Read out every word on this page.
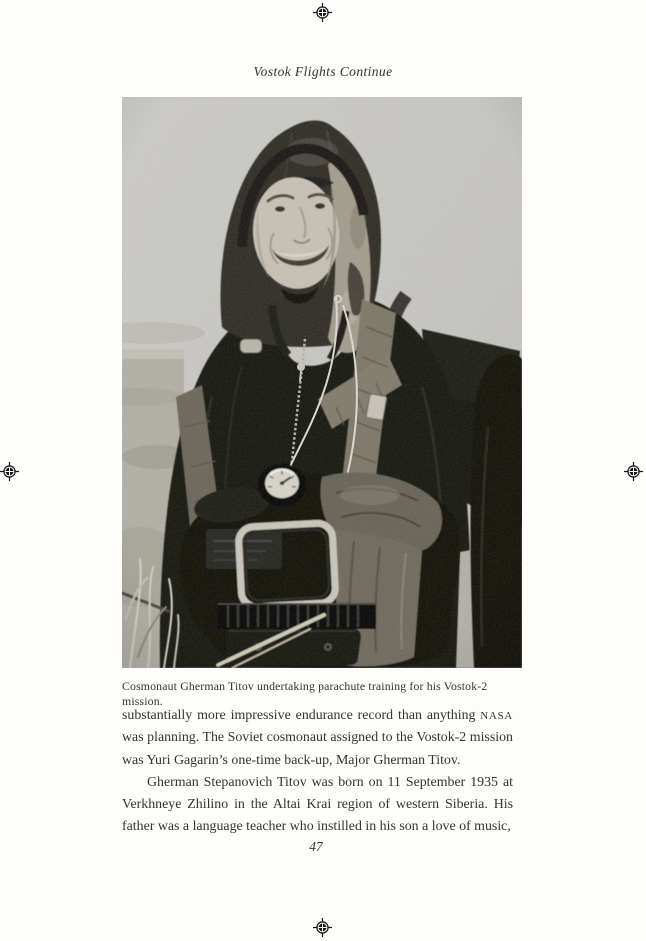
Vostok Flights Continue
Cosmonaut Gherman Titov undertaking parachute training for his Vostok-2 mission.

substantially more impressive endurance record than anything NASA was planning. The Soviet cosmonaut assigned to the Vostok-2 mission was Yuri Gagarin’s one-time back-up, Major Gherman Titov.

Gherman Stepanovich Titov was born on 11 September 1935 at Verkhneye Zhilino in the Altai Krai region of western Siberia. His father was a language teacher who instilled in his son a love of music,

47
